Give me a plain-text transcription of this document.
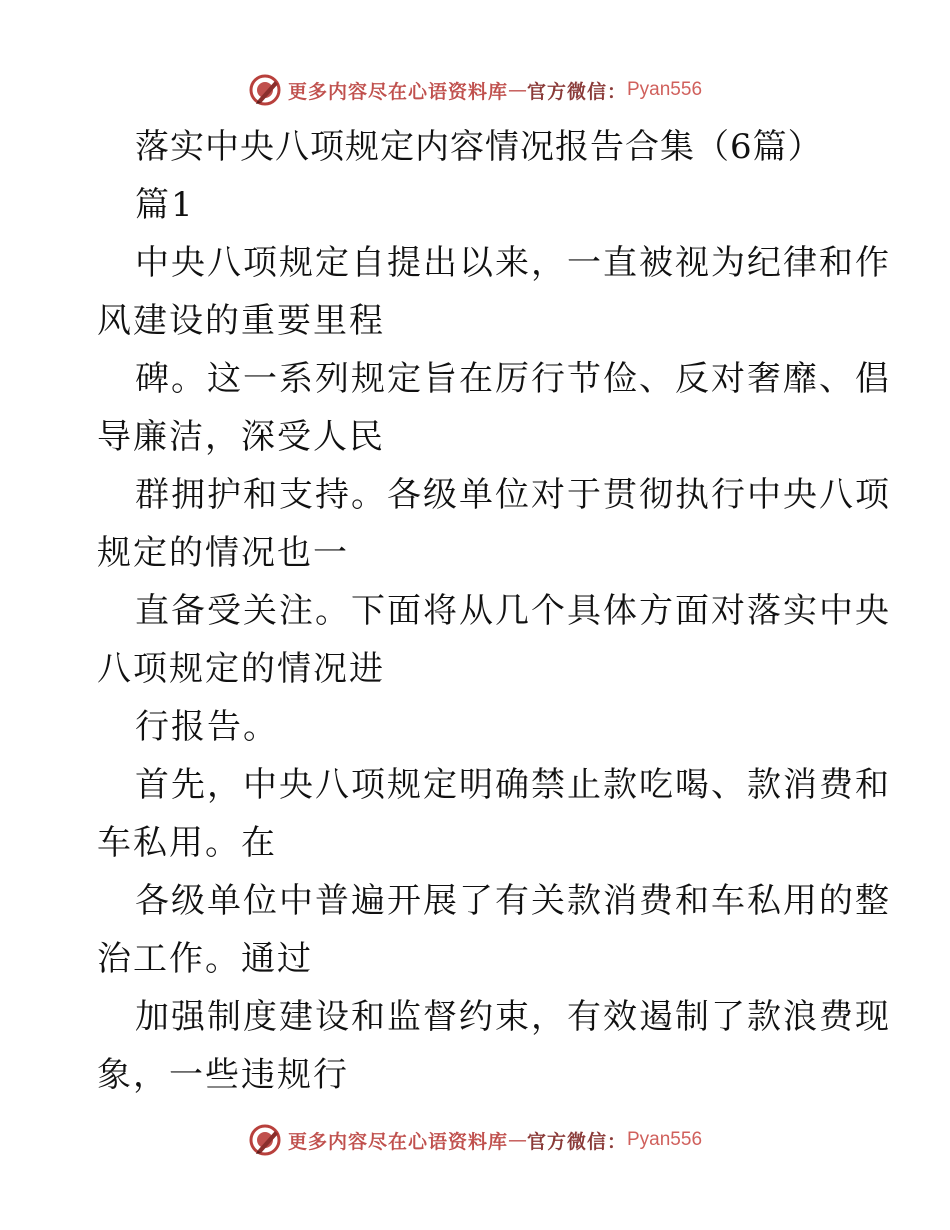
更多内容尽在心语资料库 — 官方微信： Pyan556
落实中央八项规定内容情况报告合集（6篇）
篇1
中央八项规定自提出以来，一直被视为纪律和作
风建设的重要里程
碑。这一系列规定旨在厉行节俭、反对奢靡、倡
导廉洁，深受人民
群拥护和支持。各级单位对于贯彻执行中央八项
规定的情况也一
直备受关注。下面将从几个具体方面对落实中央
八项规定的情况进
行报告。
首先，中央八项规定明确禁止款吃喝、款消费和
车私用。在
各级单位中普遍开展了有关款消费和车私用的整
治工作。通过
加强制度建设和监督约束，有效遏制了款浪费现
象，一些违规行
更多内容尽在心语资料库 — 官方微信： Pyan556
